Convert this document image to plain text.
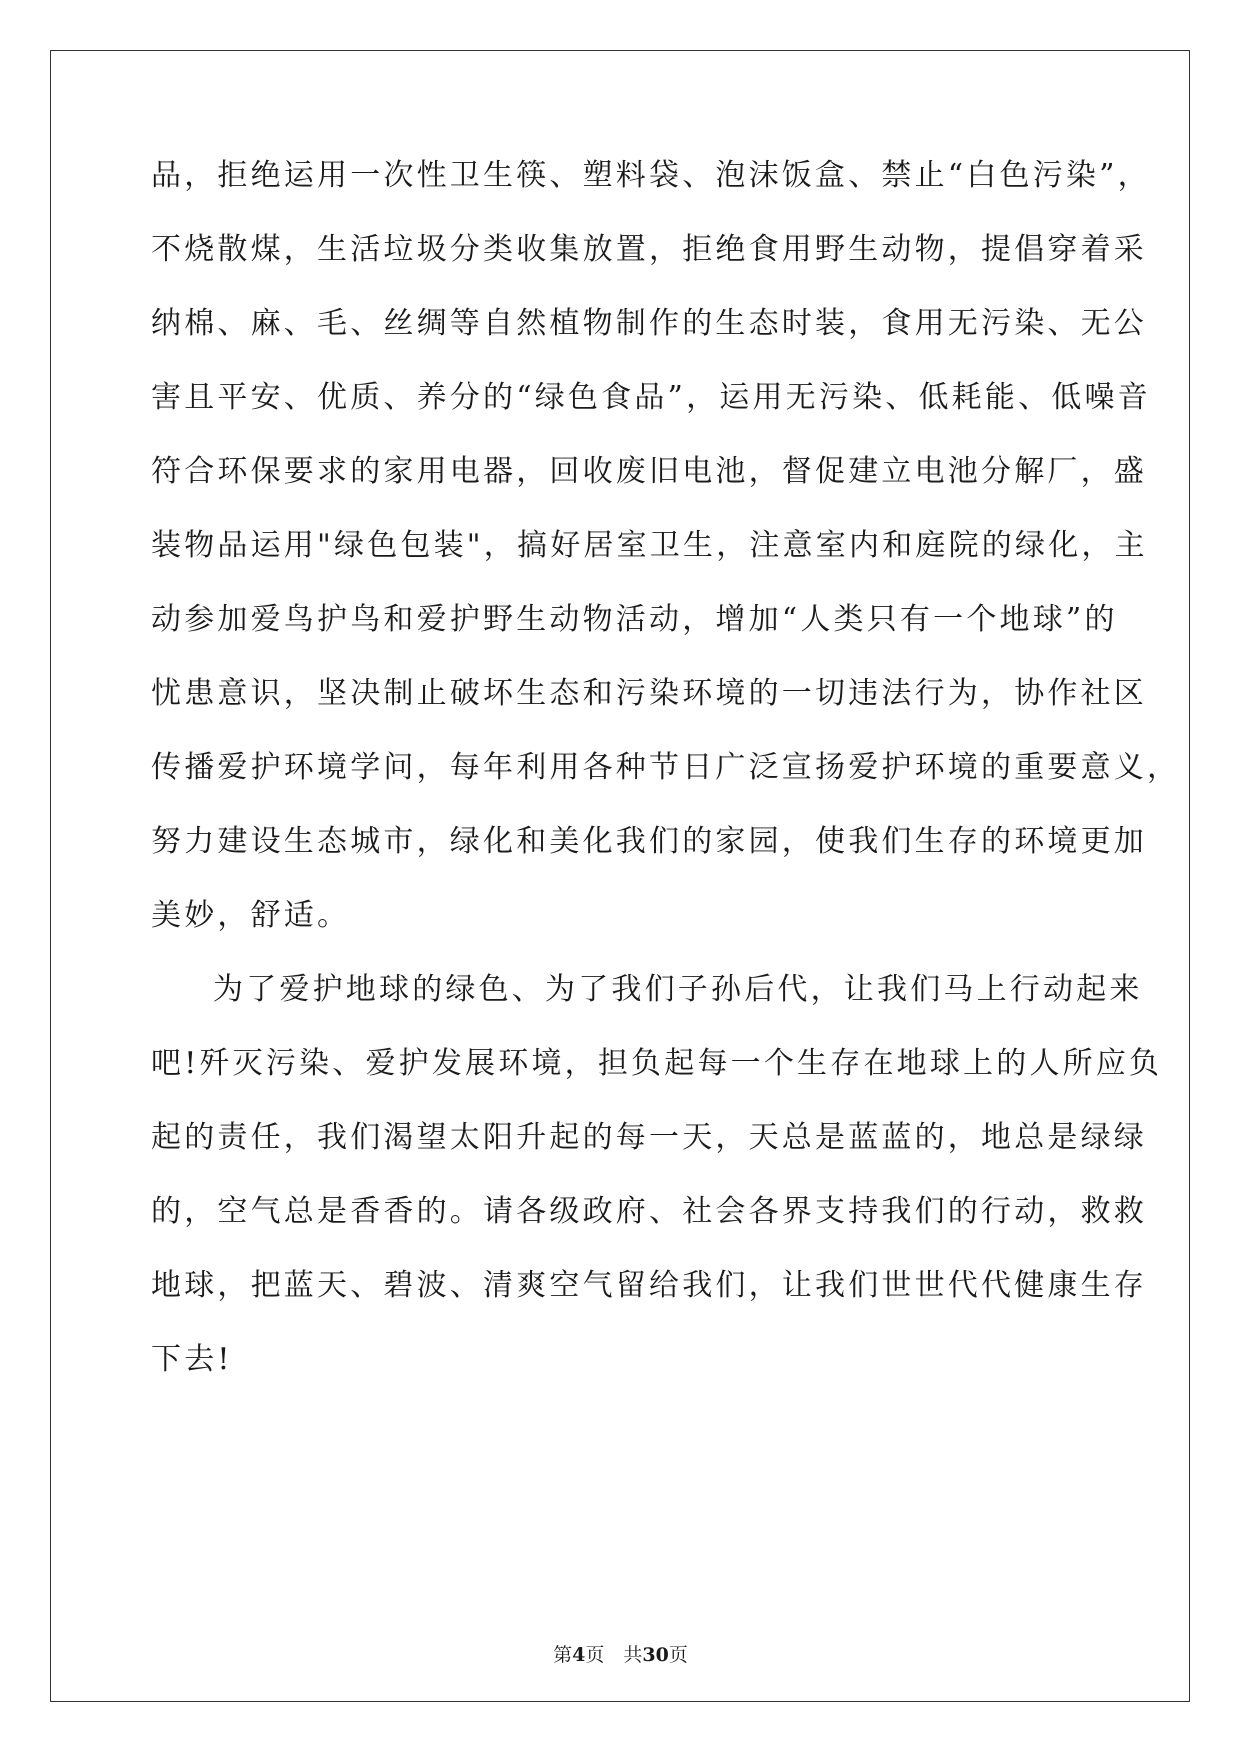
品，拒绝运用一次性卫生筷、塑料袋、泡沫饭盒、禁止“白色污染”，
不烧散煤，生活垃圾分类收集放置，拒绝食用野生动物，提倡穿着采
纳棉、麻、毛、丝绸等自然植物制作的生态时装，食用无污染、无公
害且平安、优质、养分的“绿色食品”，运用无污染、低耗能、低噪音
符合环保要求的家用电器，回收废旧电池，督促建立电池分解厂，盛
装物品运用"绿色包装"，搞好居室卫生，注意室内和庭院的绿化，主
动参加爱鸟护鸟和爱护野生动物活动，增加“人类只有一个地球”的
忧患意识，坚决制止破坏生态和污染环境的一切违法行为，协作社区
传播爱护环境学问，每年利用各种节日广泛宣扬爱护环境的重要意义，
努力建设生态城市，绿化和美化我们的家园，使我们生存的环境更加
美妙，舒适。
为了爱护地球的绿色、为了我们子孙后代，让我们马上行动起来
吧!歼灭污染、爱护发展环境，担负起每一个生存在地球上的人所应负
起的责任，我们渴望太阳升起的每一天，天总是蓝蓝的，地总是绿绿
的，空气总是香香的。请各级政府、社会各界支持我们的行动，救救
地球，把蓝天、碧波、清爽空气留给我们，让我们世世代代健康生存
下去!
第4页　共30页
